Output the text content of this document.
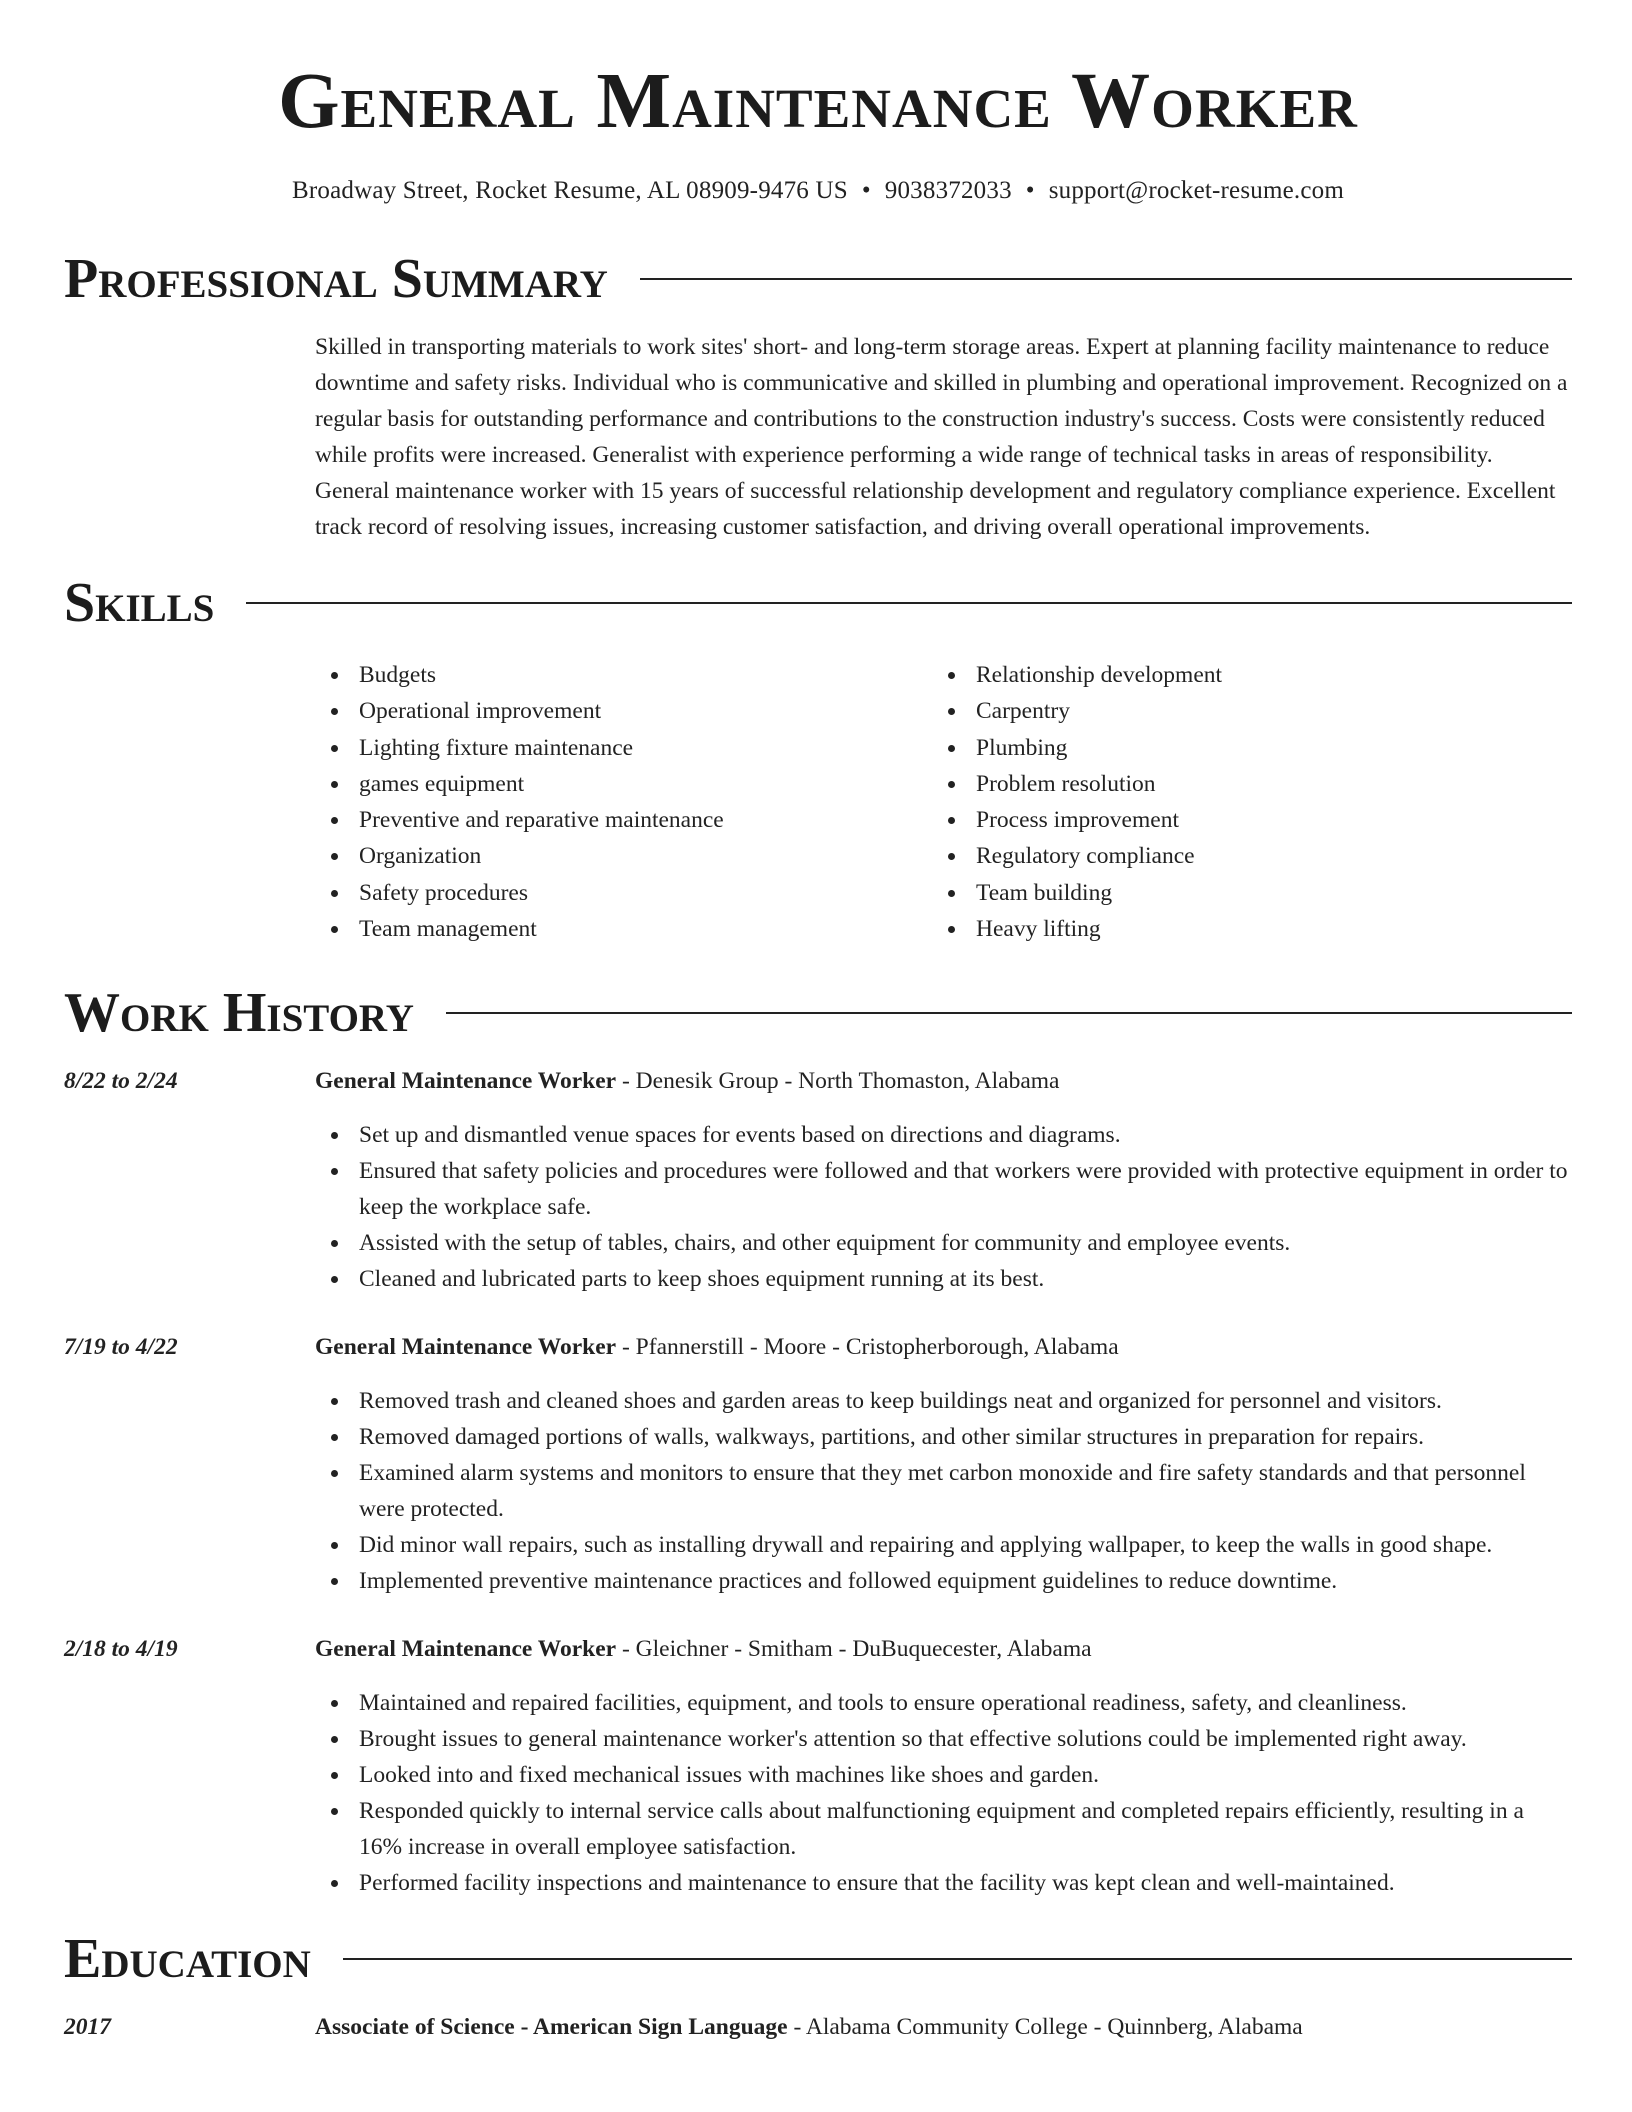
General Maintenance Worker
Broadway Street, Rocket Resume, AL 08909-9476 US • 9038372033 • support@rocket-resume.com
Professional Summary

Skilled in transporting materials to work sites' short- and long-term storage areas. Expert at planning facility maintenance to reduce downtime and safety risks. Individual who is communicative and skilled in plumbing and operational improvement. Recognized on a regular basis for outstanding performance and contributions to the construction industry's success. Costs were consistently reduced while profits were increased. Generalist with experience performing a wide range of technical tasks in areas of responsibility. General maintenance worker with 15 years of successful relationship development and regulatory compliance experience. Excellent track record of resolving issues, increasing customer satisfaction, and driving overall operational improvements.

Skills
Budgets
Operational improvement
Lighting fixture maintenance
games equipment
Preventive and reparative maintenance
Organization
Safety procedures
Team management
Relationship development
Carpentry
Plumbing
Problem resolution
Process improvement
Regulatory compliance
Team building
Heavy lifting
Work History
8/22 to 2/24	General Maintenance Worker - Denesik Group - North Thomaston, Alabama
Set up and dismantled venue spaces for events based on directions and diagrams.
Ensured that safety policies and procedures were followed and that workers were provided with protective equipment in order to keep the workplace safe.
Assisted with the setup of tables, chairs, and other equipment for community and employee events.
Cleaned and lubricated parts to keep shoes equipment running at its best.
7/19 to 4/22	General Maintenance Worker - Pfannerstill - Moore - Cristopherborough, Alabama
Removed trash and cleaned shoes and garden areas to keep buildings neat and organized for personnel and visitors.
Removed damaged portions of walls, walkways, partitions, and other similar structures in preparation for repairs.
Examined alarm systems and monitors to ensure that they met carbon monoxide and fire safety standards and that personnel were protected.
Did minor wall repairs, such as installing drywall and repairing and applying wallpaper, to keep the walls in good shape.
Implemented preventive maintenance practices and followed equipment guidelines to reduce downtime.
2/18 to 4/19	General Maintenance Worker - Gleichner - Smitham - DuBuquecester, Alabama
Maintained and repaired facilities, equipment, and tools to ensure operational readiness, safety, and cleanliness.
Brought issues to general maintenance worker's attention so that effective solutions could be implemented right away.
Looked into and fixed mechanical issues with machines like shoes and garden.
Responded quickly to internal service calls about malfunctioning equipment and completed repairs efficiently, resulting in a 16% increase in overall employee satisfaction.
Performed facility inspections and maintenance to ensure that the facility was kept clean and well-maintained.
Education
2017	Associate of Science - American Sign Language - Alabama Community College - Quinnberg, Alabama
